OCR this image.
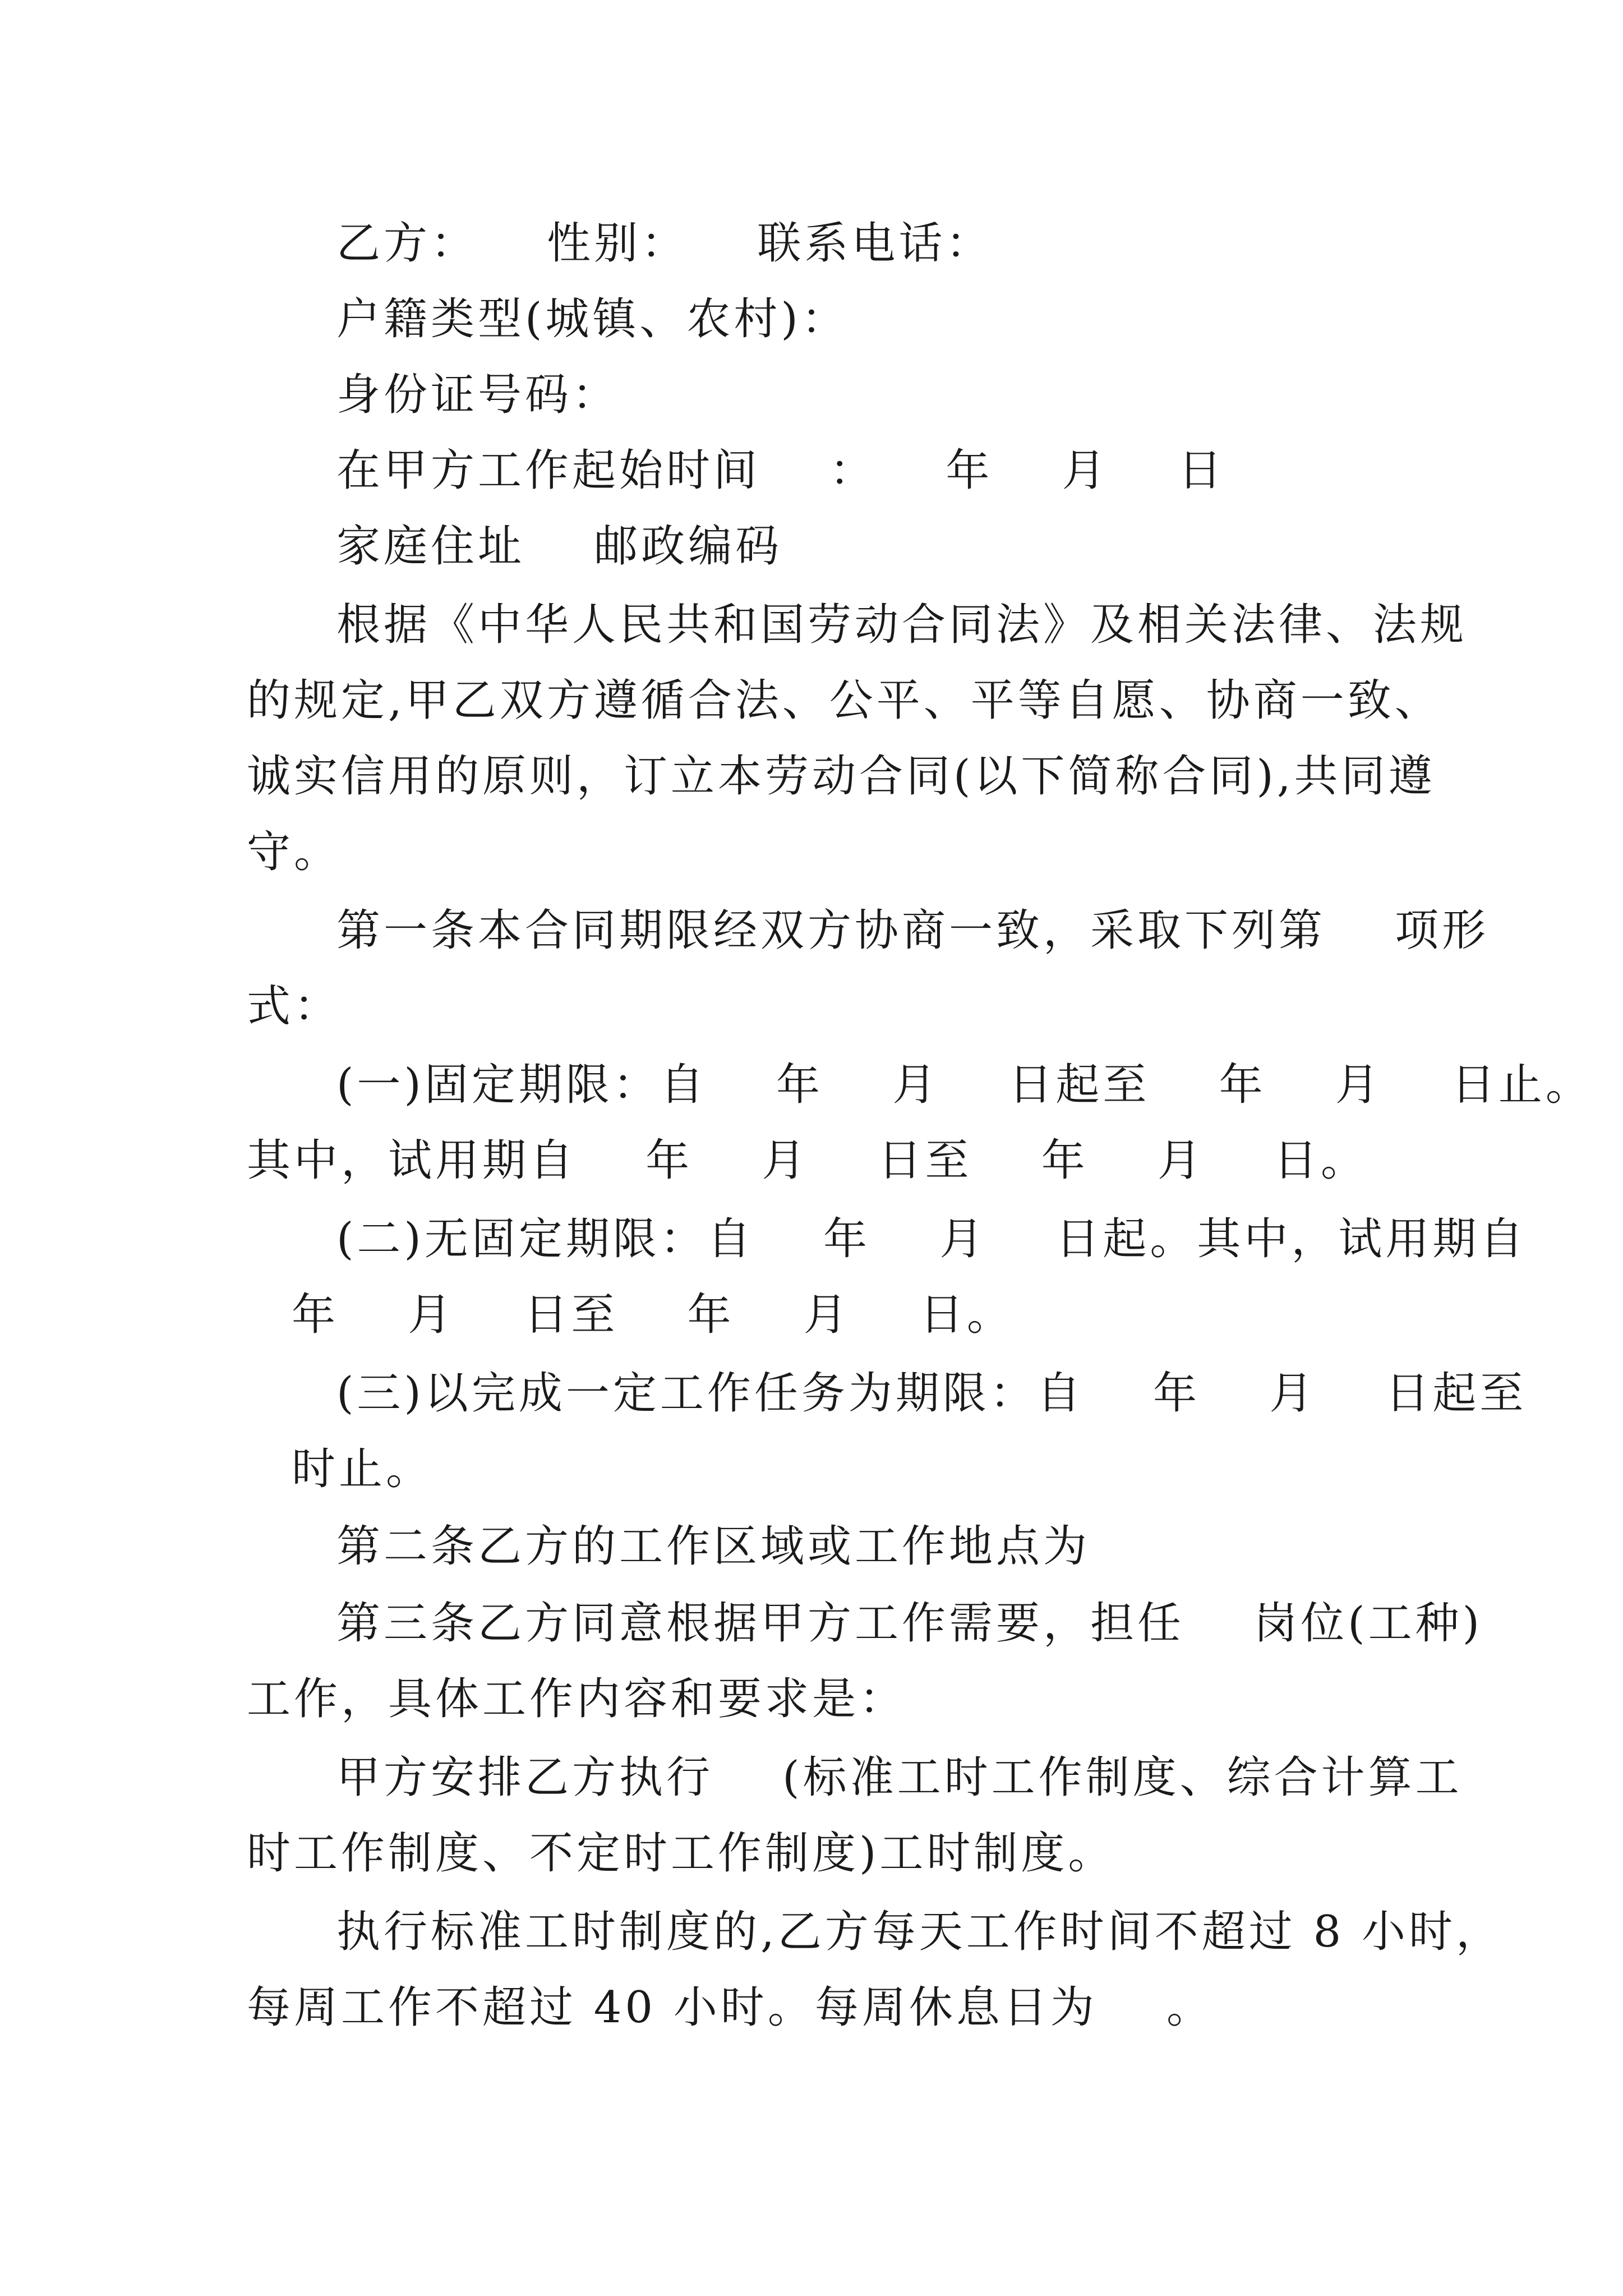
乙方：    性别：    联系电话：
户籍类型(城镇、农村)：
身份证号码：
在甲方工作起始时间    ：    年    月    日
家庭住址    邮政编码
根据《中华人民共和国劳动合同法》及相关法律、法规
的规定,甲乙双方遵循合法、公平、平等自愿、协商一致、
诚实信用的原则，订立本劳动合同(以下简称合同),共同遵
守。
第一条本合同期限经双方协商一致，采取下列第    项形
式：
(一)固定期限：自    年    月    日起至    年    月    日止。
其中，试用期自    年    月    日至    年    月    日。
(二)无固定期限：自    年    月    日起。其中，试用期自
年    月    日至    年    月    日。
(三)以完成一定工作任务为期限：自    年    月    日起至
时止。
第二条乙方的工作区域或工作地点为
第三条乙方同意根据甲方工作需要，担任    岗位(工种)
工作，具体工作内容和要求是：
甲方安排乙方执行    (标准工时工作制度、综合计算工
时工作制度、不定时工作制度)工时制度。
执行标准工时制度的,乙方每天工作时间不超过 8 小时，
每周工作不超过 40 小时。每周休息日为    。
